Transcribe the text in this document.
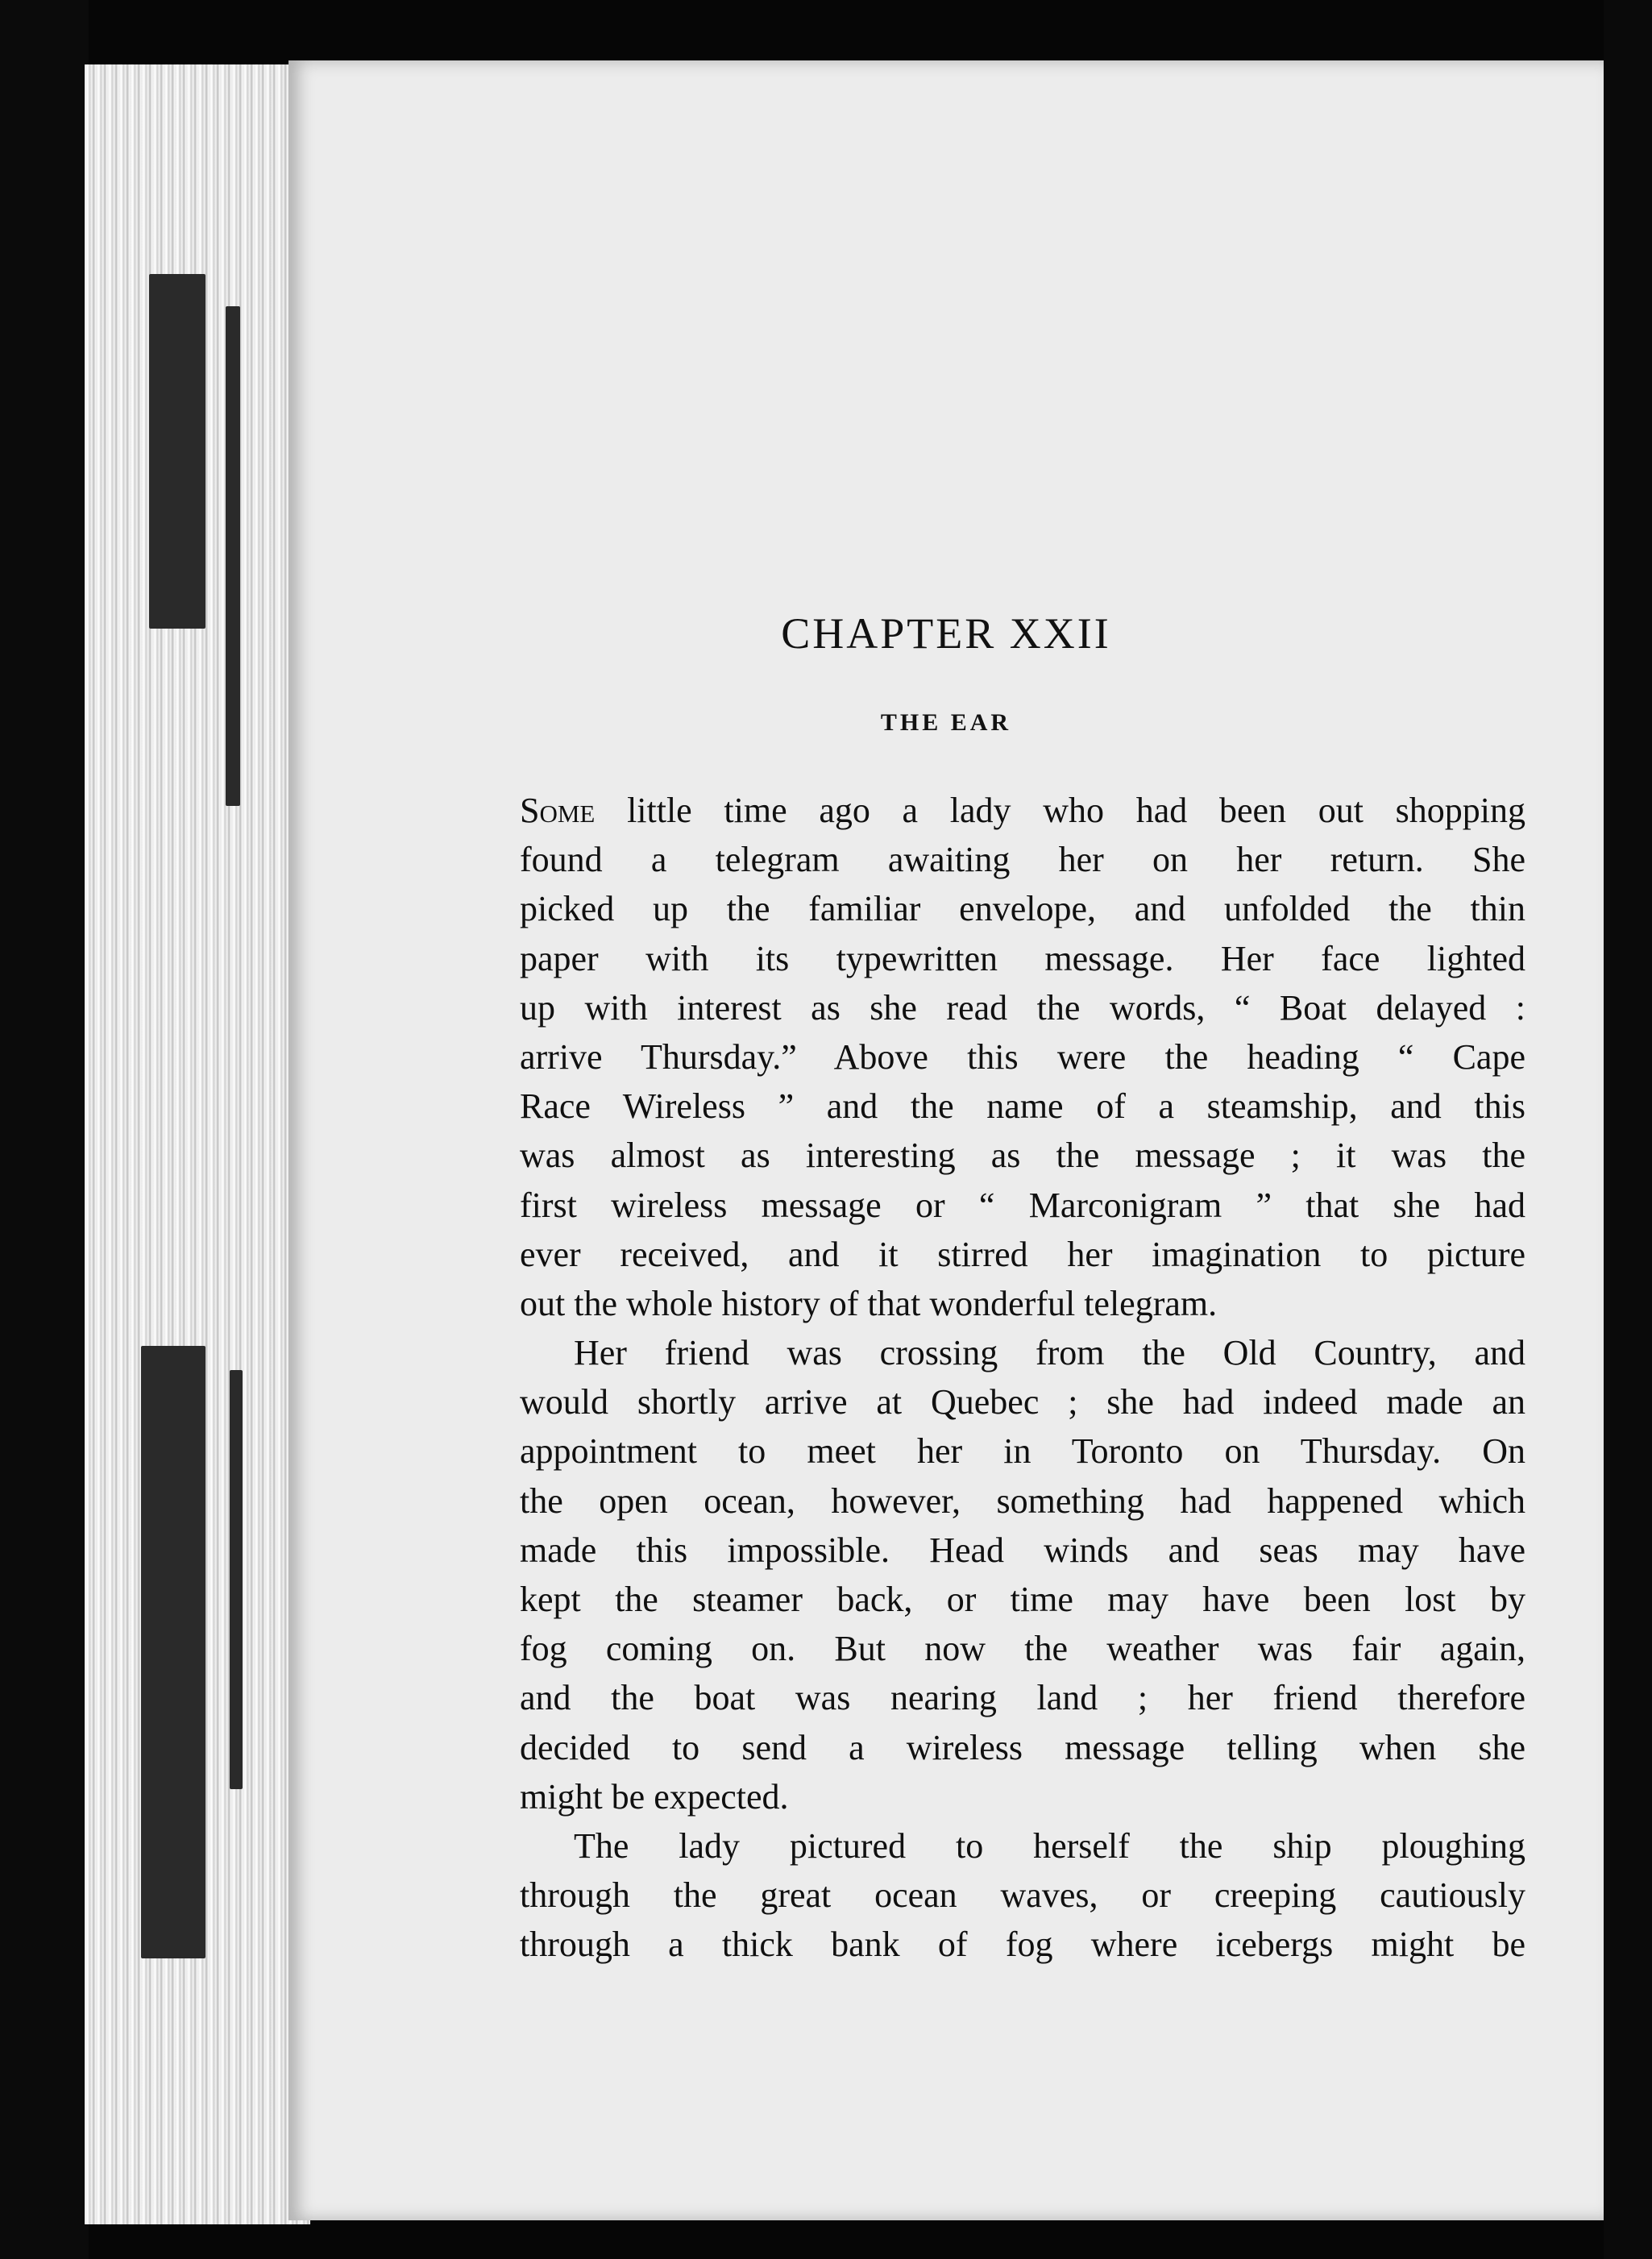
CHAPTER XXII
THE EAR
Some little time ago a lady who had been out shopping
found a telegram awaiting her on her return. She
picked up the familiar envelope, and unfolded the thin
paper with its typewritten message. Her face lighted
up with interest as she read the words, “ Boat delayed :
arrive Thursday.” Above this were the heading “ Cape
Race Wireless ” and the name of a steamship, and this
was almost as interesting as the message ; it was the
first wireless message or “ Marconigram ” that she had
ever received, and it stirred her imagination to picture
out the whole history of that wonderful telegram.
Her friend was crossing from the Old Country, and
would shortly arrive at Quebec ; she had indeed made an
appointment to meet her in Toronto on Thursday. On
the open ocean, however, something had happened which
made this impossible. Head winds and seas may have
kept the steamer back, or time may have been lost by
fog coming on. But now the weather was fair again,
and the boat was nearing land ; her friend therefore
decided to send a wireless message telling when she
might be expected.
The lady pictured to herself the ship ploughing
through the great ocean waves, or creeping cautiously
through a thick bank of fog where icebergs might be
